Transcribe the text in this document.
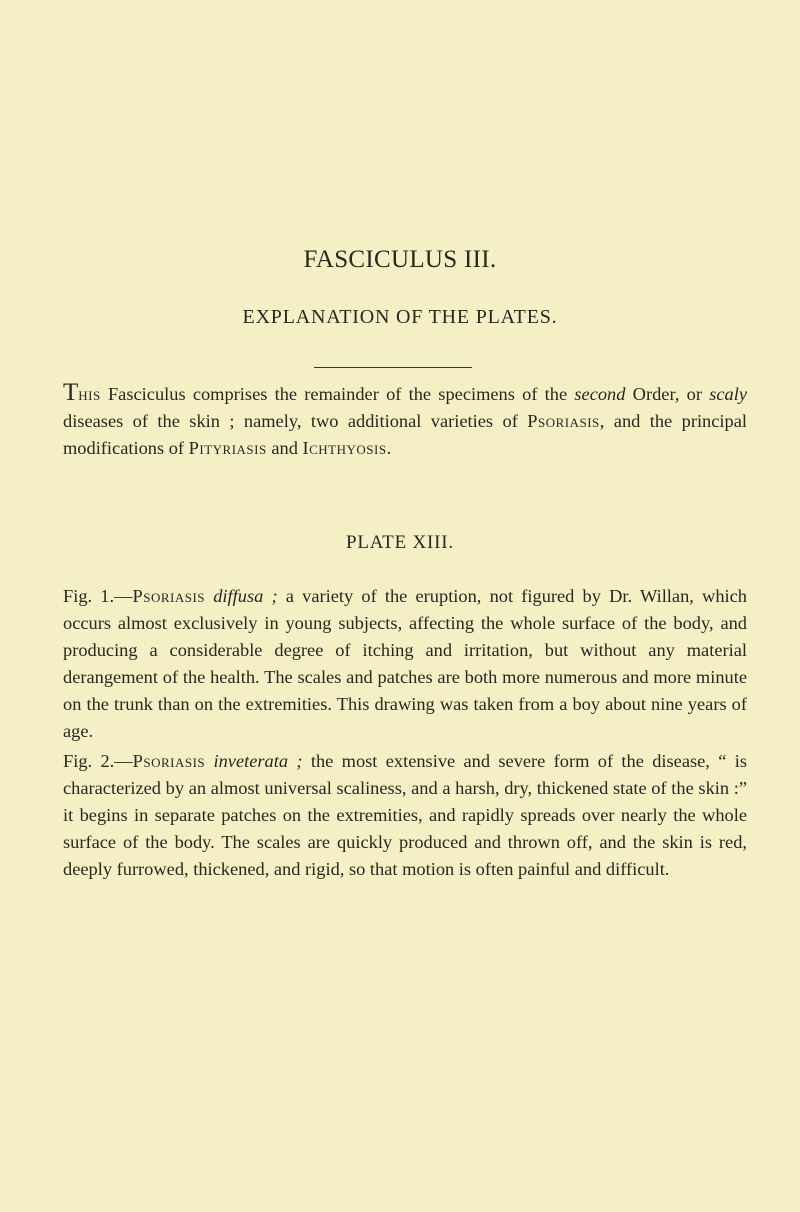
FASCICULUS III.
EXPLANATION OF THE PLATES.

This Fasciculus comprises the remainder of the specimens of the second Order, or scaly diseases of the skin ; namely, two additional varieties of Psoriasis, and the principal modifications of Pityriasis and Ichthyosis.

PLATE XIII.

Fig. 1.—Psoriasis diffusa ; a variety of the eruption, not figured by Dr. Willan, which occurs almost exclusively in young subjects, affecting the whole surface of the body, and producing a considerable degree of itching and irritation, but without any material derangement of the health. The scales and patches are both more numerous and more minute on the trunk than on the extremities. This drawing was taken from a boy about nine years of age.

Fig. 2.—Psoriasis inveterata ; the most extensive and severe form of the disease, “ is characterized by an almost universal scaliness, and a harsh, dry, thickened state of the skin :” it begins in separate patches on the extremities, and rapidly spreads over nearly the whole surface of the body. The scales are quickly produced and thrown off, and the skin is red, deeply furrowed, thickened, and rigid, so that motion is often painful and difficult.
